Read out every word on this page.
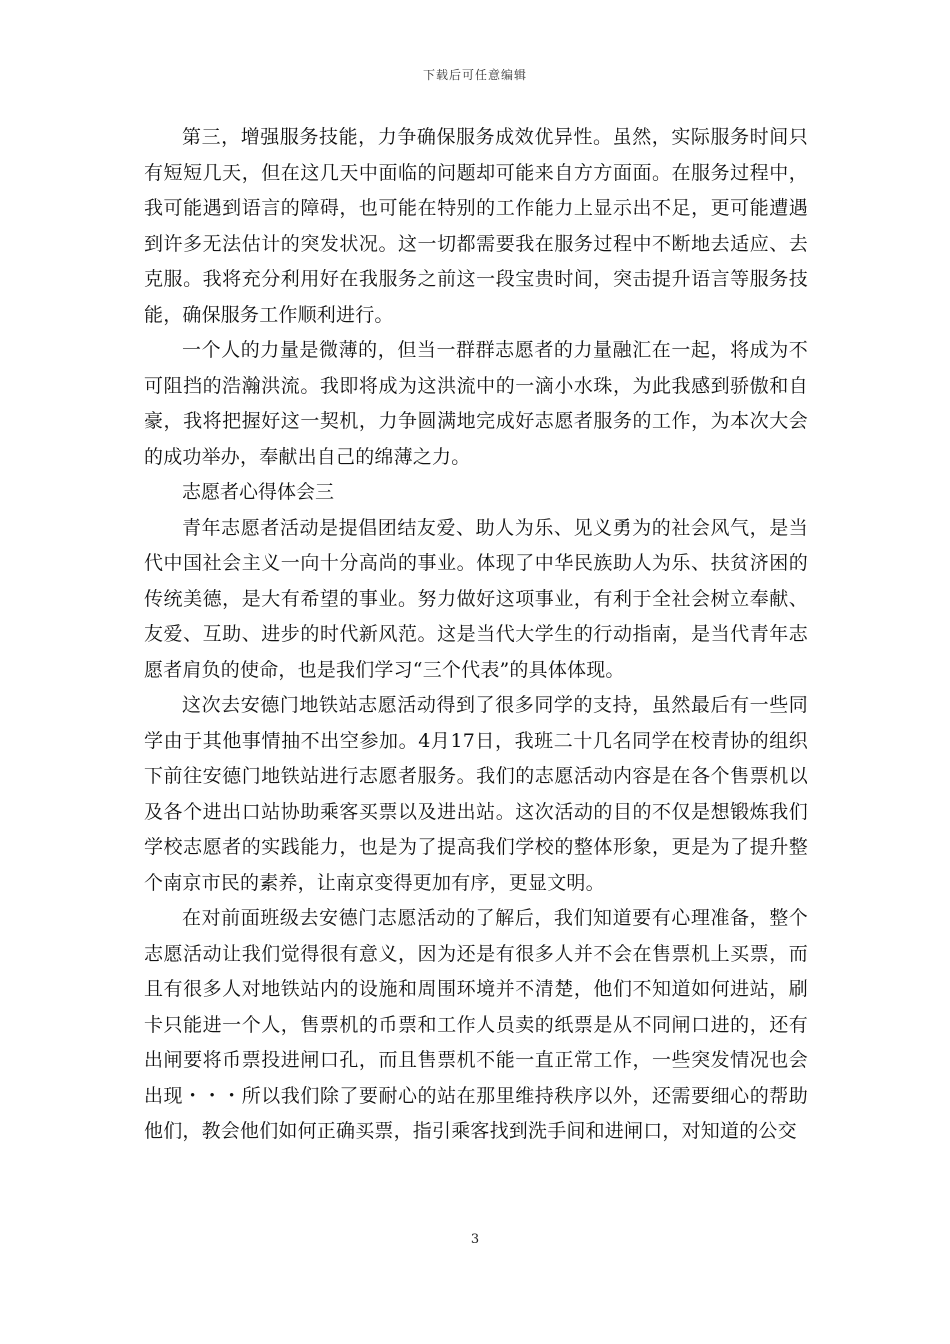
下载后可任意编辑

第三，增强服务技能，力争确保服务成效优异性。虽然，实际服务时间只有短短几天，但在这几天中面临的问题却可能来自方方面面。在服务过程中，我可能遇到语言的障碍，也可能在特别的工作能力上显示出不足，更可能遭遇到许多无法估计的突发状况。这一切都需要我在服务过程中不断地去适应、去克服。我将充分利用好在我服务之前这一段宝贵时间，突击提升语言等服务技能，确保服务工作顺利进行。

一个人的力量是微薄的，但当一群群志愿者的力量融汇在一起，将成为不可阻挡的浩瀚洪流。我即将成为这洪流中的一滴小水珠，为此我感到骄傲和自豪，我将把握好这一契机，力争圆满地完成好志愿者服务的工作，为本次大会的成功举办，奉献出自己的绵薄之力。

志愿者心得体会三

青年志愿者活动是提倡团结友爱、助人为乐、见义勇为的社会风气，是当代中国社会主义一向十分高尚的事业。体现了中华民族助人为乐、扶贫济困的传统美德，是大有希望的事业。努力做好这项事业，有利于全社会树立奉献、友爱、互助、进步的时代新风范。这是当代大学生的行动指南，是当代青年志愿者肩负的使命，也是我们学习“三个代表”的具体体现。

这次去安德门地铁站志愿活动得到了很多同学的支持，虽然最后有一些同学由于其他事情抽不出空参加。4月17日，我班二十几名同学在校青协的组织下前往安德门地铁站进行志愿者服务。我们的志愿活动内容是在各个售票机以及各个进出口站协助乘客买票以及进出站。这次活动的目的不仅是想锻炼我们学校志愿者的实践能力，也是为了提高我们学校的整体形象，更是为了提升整个南京市民的素养，让南京变得更加有序，更显文明。

在对前面班级去安德门志愿活动的了解后，我们知道要有心理准备，整个志愿活动让我们觉得很有意义，因为还是有很多人并不会在售票机上买票，而且有很多人对地铁站内的设施和周围环境并不清楚，他们不知道如何进站，刷卡只能进一个人，售票机的币票和工作人员卖的纸票是从不同闸口进的，还有出闸要将币票投进闸口孔，而且售票机不能一直正常工作，一些突发情况也会出现・・・所以我们除了要耐心的站在那里维持秩序以外，还需要细心的帮助他们，教会他们如何正确买票，指引乘客找到洗手间和进闸口，对知道的公交

3
